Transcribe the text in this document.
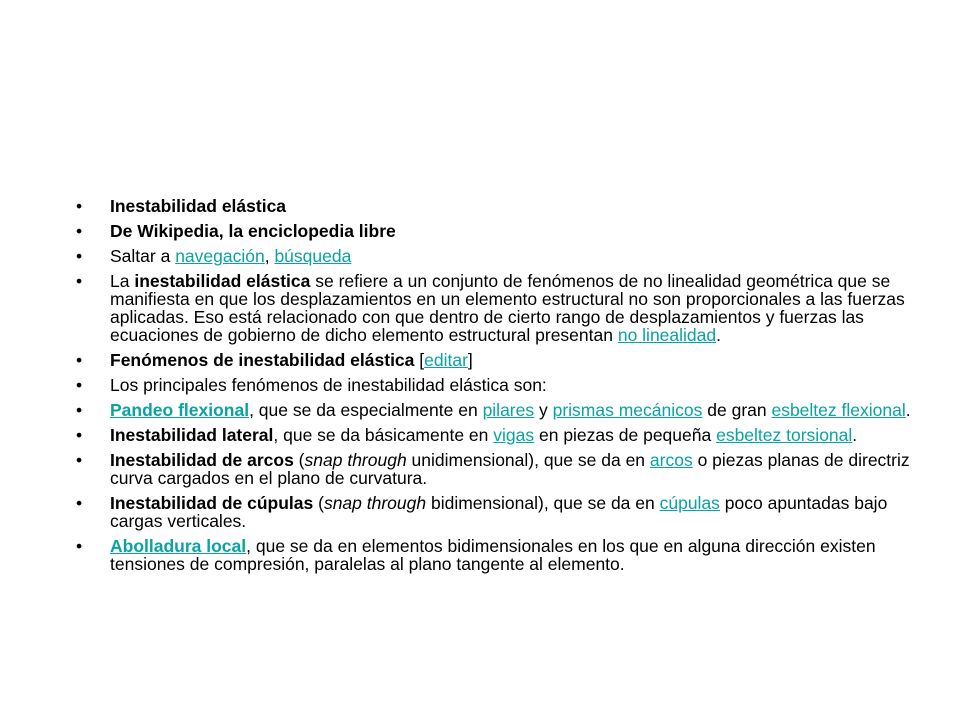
•	Inestabilidad elástica
•	De Wikipedia, la enciclopedia libre
•	Saltar a navegación, búsqueda
•	La inestabilidad elástica se refiere a un conjunto de fenómenos de no linealidad geométrica que se manifiesta en que los desplazamientos en un elemento estructural no son proporcionales a las fuerzas aplicadas. Eso está relacionado con que dentro de cierto rango de desplazamientos y fuerzas las ecuaciones de gobierno de dicho elemento estructural presentan no linealidad.
•	Fenómenos de inestabilidad elástica [editar]
•	Los principales fenómenos de inestabilidad elástica son:
•	Pandeo flexional, que se da especialmente en pilares y prismas mecánicos de gran esbeltez flexional.
•	Inestabilidad lateral, que se da básicamente en vigas en piezas de pequeña esbeltez torsional.
•	Inestabilidad de arcos (snap through unidimensional), que se da en arcos o piezas planas de directriz curva cargados en el plano de curvatura.
•	Inestabilidad de cúpulas (snap through bidimensional), que se da en cúpulas poco apuntadas bajo cargas verticales.
•	Abolladura local, que se da en elementos bidimensionales en los que en alguna dirección existen tensiones de compresión, paralelas al plano tangente al elemento.
